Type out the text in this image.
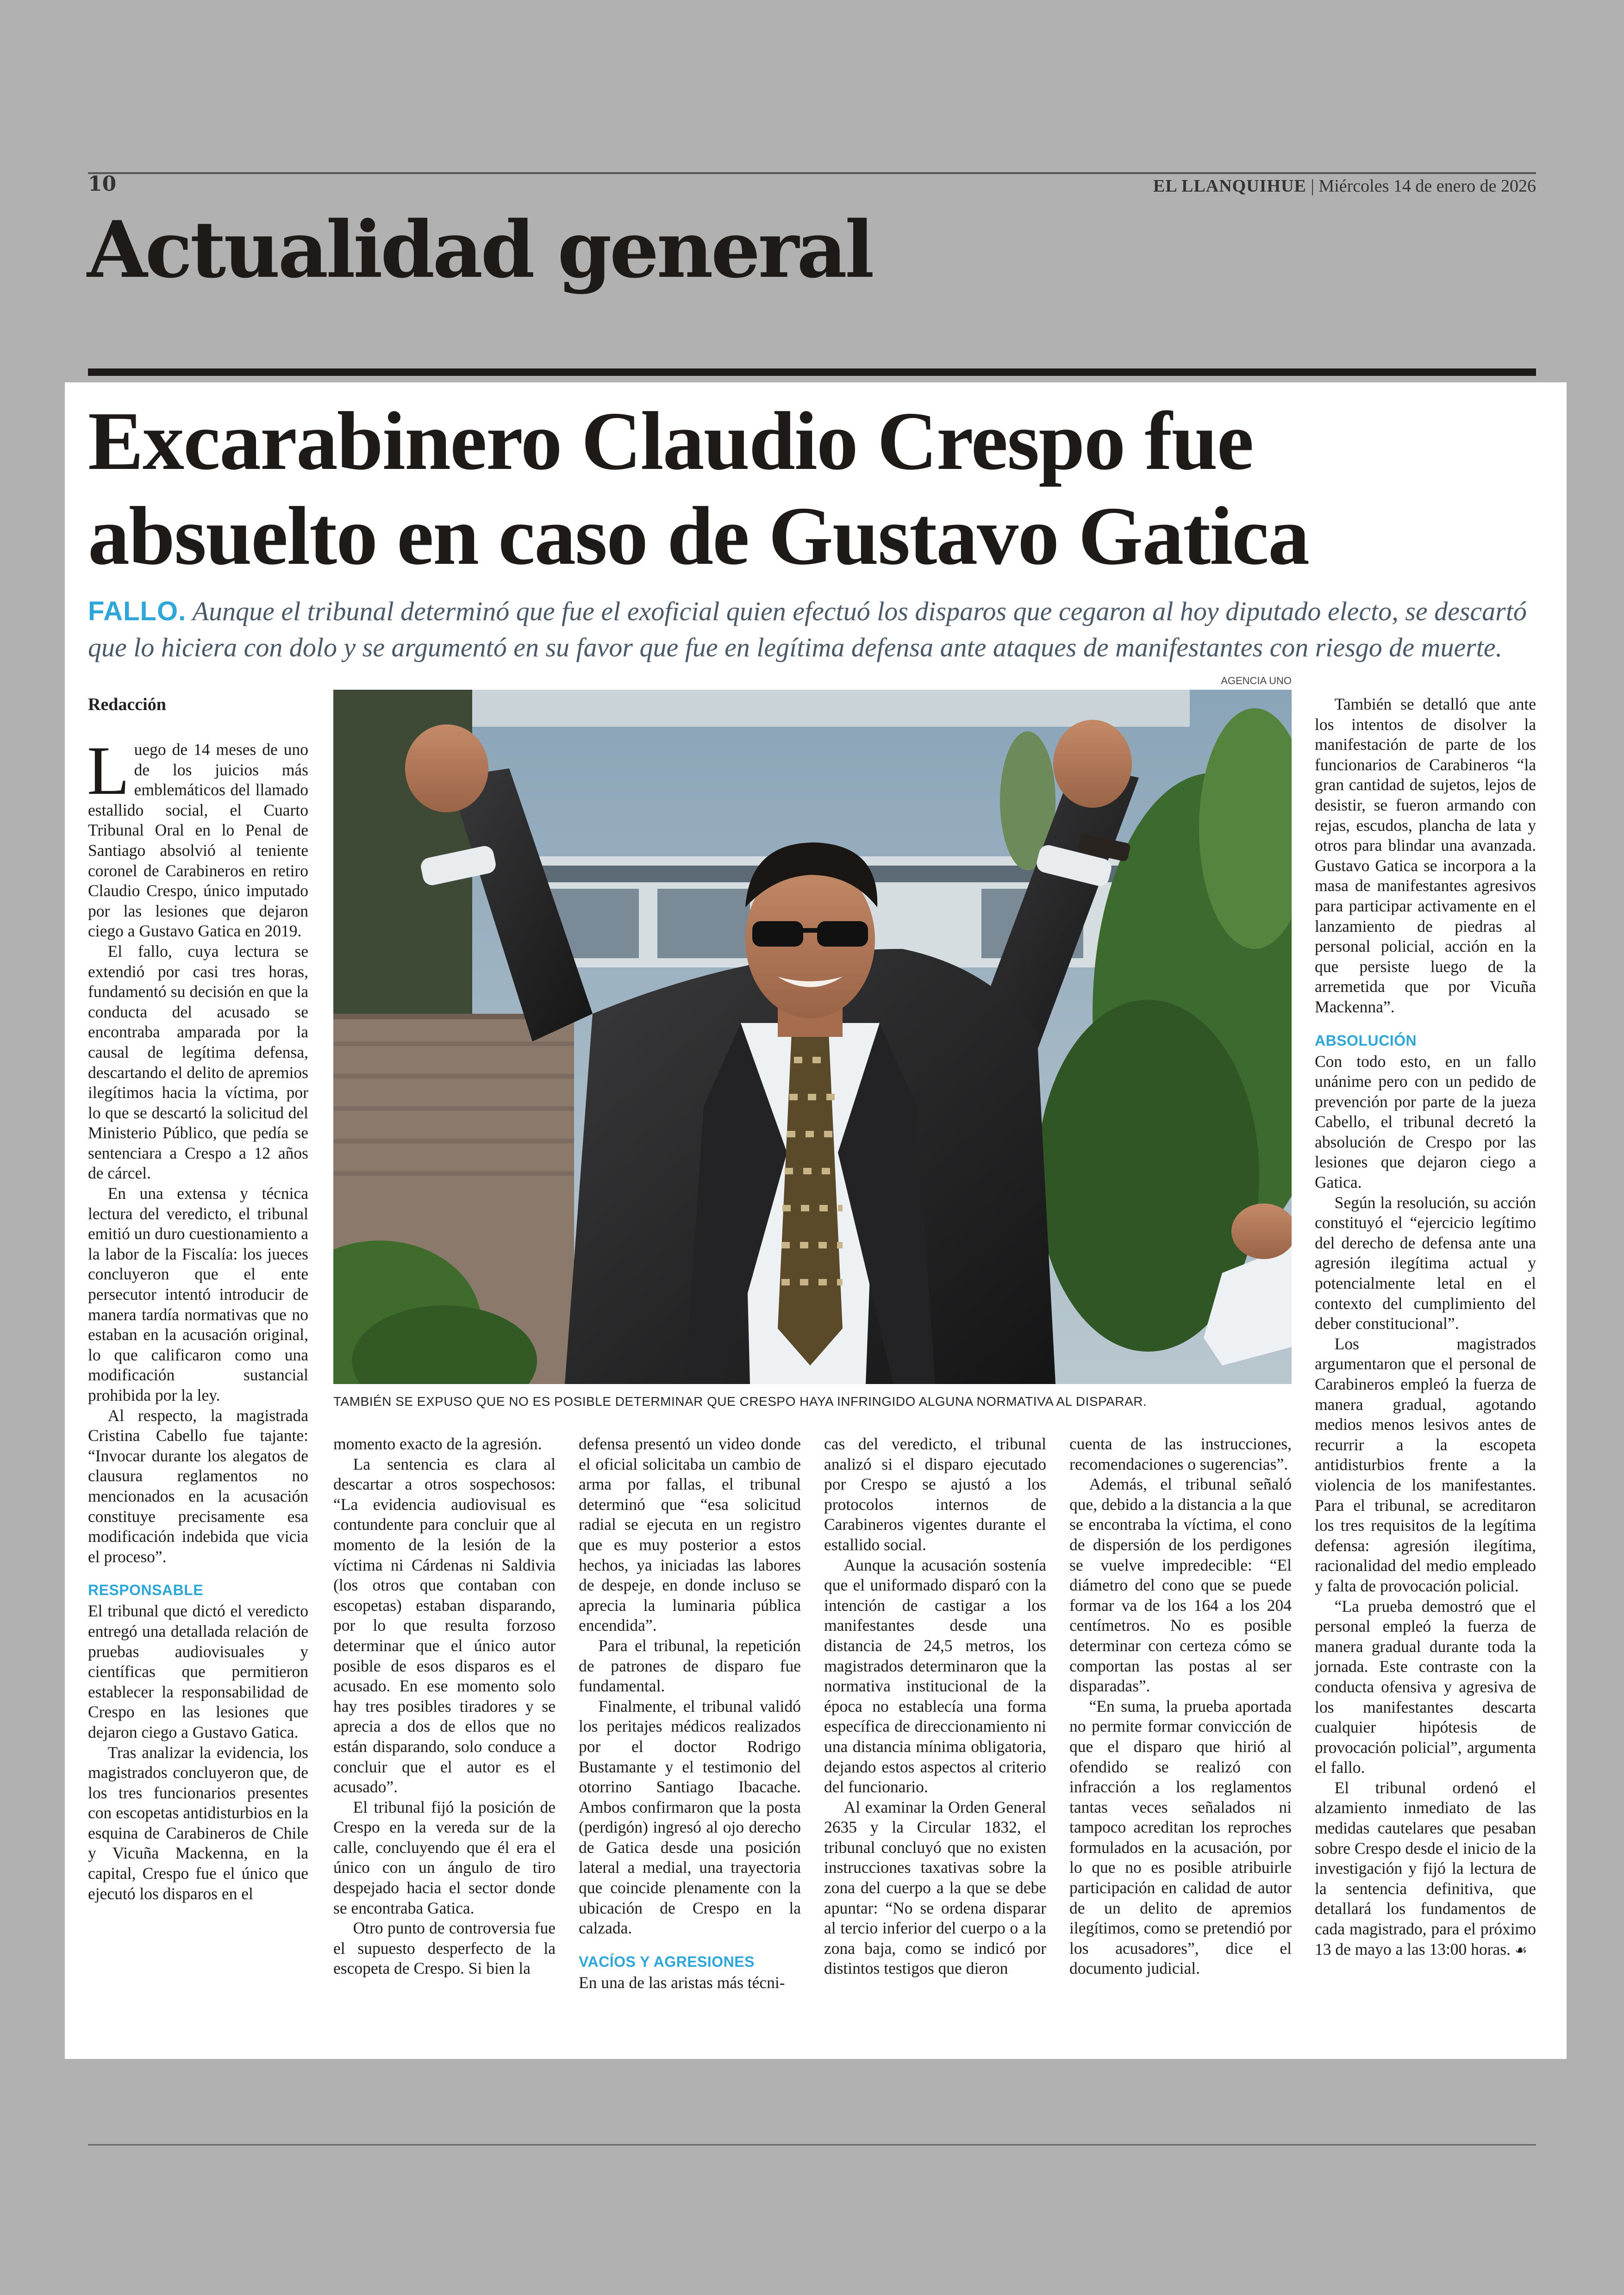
10	EL LLANQUIHUE | Miércoles 14 de enero de 2026
Actualidad general
Excarabinero Claudio Crespo fue absuelto en caso de Gustavo Gatica
FALLO. Aunque el tribunal determinó que fue el exoficial quien efectuó los disparos que cegaron al hoy diputado electo, se descartó que lo hiciera con dolo y se argumentó en su favor que fue en legítima defensa ante ataques de manifestantes con riesgo de muerte.
Redacción
AGENCIA UNO
TAMBIÉN SE EXPUSO QUE NO ES POSIBLE DETERMINAR QUE CRESPO HAYA INFRINGIDO ALGUNA NORMATIVA AL DISPARAR.

Luego de 14 meses de uno de los juicios más emblemáticos del llamado estallido social, el Cuarto Tribunal Oral en lo Penal de Santiago absolvió al teniente coronel de Carabineros en retiro Claudio Crespo, único imputado por las lesiones que dejaron ciego a Gustavo Gatica en 2019.

El fallo, cuya lectura se extendió por casi tres horas, fundamentó su decisión en que la conducta del acusado se encontraba amparada por la causal de legítima defensa, descartando el delito de apremios ilegítimos hacia la víctima, por lo que se descartó la solicitud del Ministerio Público, que pedía se sentenciara a Crespo a 12 años de cárcel.

En una extensa y técnica lectura del veredicto, el tribunal emitió un duro cuestionamiento a la labor de la Fiscalía: los jueces concluyeron que el ente persecutor intentó introducir de manera tardía normativas que no estaban en la acusación original, lo que calificaron como una modificación sustancial prohibida por la ley.

Al respecto, la magistrada Cristina Cabello fue tajante: “Invocar durante los alegatos de clausura reglamentos no mencionados en la acusación constituye precisamente esa modificación indebida que vicia el proceso”.

RESPONSABLE

El tribunal que dictó el veredicto entregó una detallada relación de pruebas audiovisuales y científicas que permitieron establecer la responsabilidad de Crespo en las lesiones que dejaron ciego a Gustavo Gatica.

Tras analizar la evidencia, los magistrados concluyeron que, de los tres funcionarios presentes con escopetas antidisturbios en la esquina de Carabineros de Chile y Vicuña Mackenna, en la capital, Crespo fue el único que ejecutó los disparos en el

momento exacto de la agresión.

La sentencia es clara al descartar a otros sospechosos: “La evidencia audiovisual es contundente para concluir que al momento de la lesión de la víctima ni Cárdenas ni Saldivia (los otros que contaban con escopetas) estaban disparando, por lo que resulta forzoso determinar que el único autor posible de esos disparos es el acusado. En ese momento solo hay tres posibles tiradores y se aprecia a dos de ellos que no están disparando, solo conduce a concluir que el autor es el acusado”.

El tribunal fijó la posición de Crespo en la vereda sur de la calle, concluyendo que él era el único con un ángulo de tiro despejado hacia el sector donde se encontraba Gatica.

Otro punto de controversia fue el supuesto desperfecto de la escopeta de Crespo. Si bien la

defensa presentó un video donde el oficial solicitaba un cambio de arma por fallas, el tribunal determinó que “esa solicitud radial se ejecuta en un registro que es muy posterior a estos hechos, ya iniciadas las labores de despeje, en donde incluso se aprecia la luminaria pública encendida”.

Para el tribunal, la repetición de patrones de disparo fue fundamental.

Finalmente, el tribunal validó los peritajes médicos realizados por el doctor Rodrigo Bustamante y el testimonio del otorrino Santiago Ibacache. Ambos confirmaron que la posta (perdigón) ingresó al ojo derecho de Gatica desde una posición lateral a medial, una trayectoria que coincide plenamente con la ubicación de Crespo en la calzada.

VACÍOS Y AGRESIONES

En una de las aristas más técni-

cas del veredicto, el tribunal analizó si el disparo ejecutado por Crespo se ajustó a los protocolos internos de Carabineros vigentes durante el estallido social.

Aunque la acusación sostenía que el uniformado disparó con la intención de castigar a los manifestantes desde una distancia de 24,5 metros, los magistrados determinaron que la normativa institucional de la época no establecía una forma específica de direccionamiento ni una distancia mínima obligatoria, dejando estos aspectos al criterio del funcionario.

Al examinar la Orden General 2635 y la Circular 1832, el tribunal concluyó que no existen instrucciones taxativas sobre la zona del cuerpo a la que se debe apuntar: “No se ordena disparar al tercio inferior del cuerpo o a la zona baja, como se indicó por distintos testigos que dieron

cuenta de las instrucciones, recomendaciones o sugerencias”.

Además, el tribunal señaló que, debido a la distancia a la que se encontraba la víctima, el cono de dispersión de los perdigones se vuelve impredecible: “El diámetro del cono que se puede formar va de los 164 a los 204 centímetros. No es posible determinar con certeza cómo se comportan las postas al ser disparadas”.

“En suma, la prueba aportada no permite formar convicción de que el disparo que hirió al ofendido se realizó con infracción a los reglamentos tantas veces señalados ni tampoco acreditan los reproches formulados en la acusación, por lo que no es posible atribuirle participación en calidad de autor de un delito de apremios ilegítimos, como se pretendió por los acusadores”, dice el documento judicial.

También se detalló que ante los intentos de disolver la manifestación de parte de los funcionarios de Carabineros “la gran cantidad de sujetos, lejos de desistir, se fueron armando con rejas, escudos, plancha de lata y otros para blindar una avanzada. Gustavo Gatica se incorpora a la masa de manifestantes agresivos para participar activamente en el lanzamiento de piedras al personal policial, acción en la que persiste luego de la arremetida que por Vicuña Mackenna”.

ABSOLUCIÓN

Con todo esto, en un fallo unánime pero con un pedido de prevención por parte de la jueza Cabello, el tribunal decretó la absolución de Crespo por las lesiones que dejaron ciego a Gatica.

Según la resolución, su acción constituyó el “ejercicio legítimo del derecho de defensa ante una agresión ilegítima actual y potencialmente letal en el contexto del cumplimiento del deber constitucional”.

Los magistrados argumentaron que el personal de Carabineros empleó la fuerza de manera gradual, agotando medios menos lesivos antes de recurrir a la escopeta antidisturbios frente a la violencia de los manifestantes. Para el tribunal, se acreditaron los tres requisitos de la legítima defensa: agresión ilegítima, racionalidad del medio empleado y falta de provocación policial.

“La prueba demostró que el personal empleó la fuerza de manera gradual durante toda la jornada. Este contraste con la conducta ofensiva y agresiva de los manifestantes descarta cualquier hipótesis de provocación policial”, argumenta el fallo.

El tribunal ordenó el alzamiento inmediato de las medidas cautelares que pesaban sobre Crespo desde el inicio de la investigación y fijó la lectura de la sentencia definitiva, que detallará los fundamentos de cada magistrado, para el próximo 13 de mayo a las 13:00 horas. ☙
